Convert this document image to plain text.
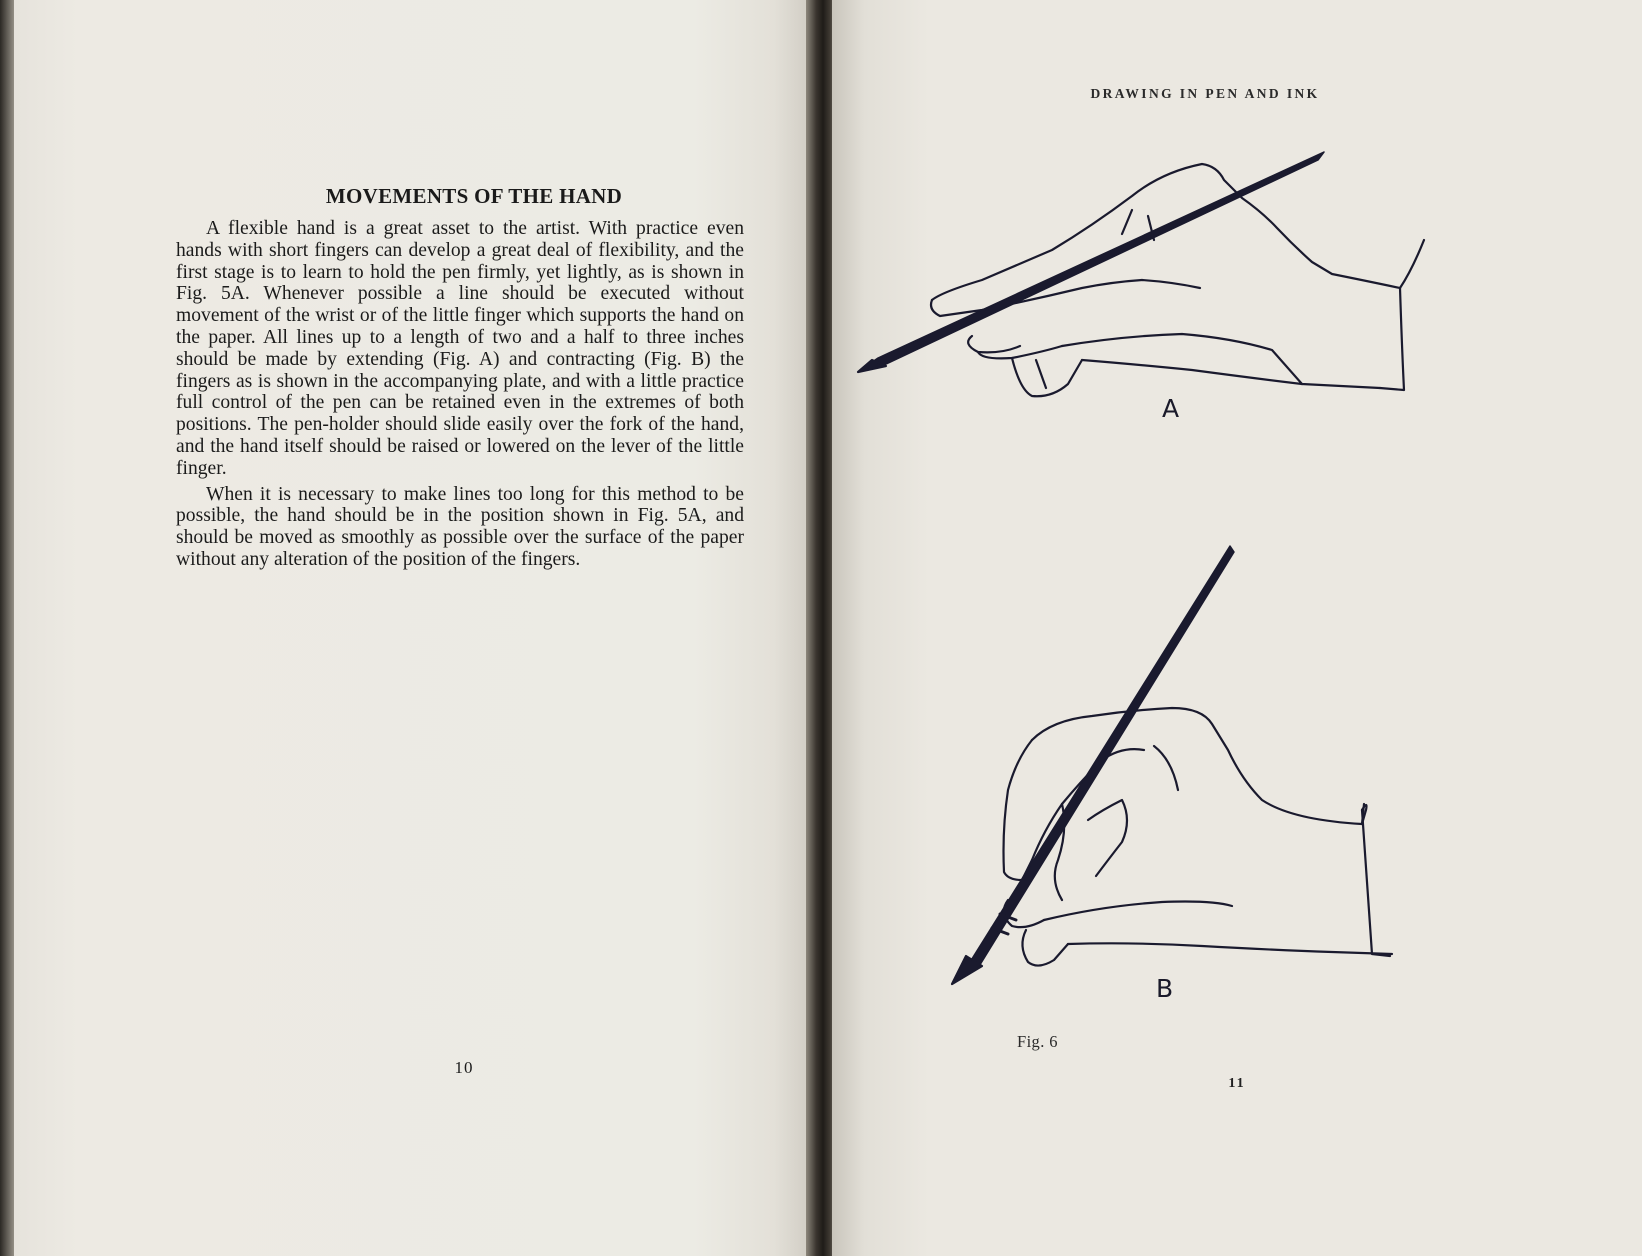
MOVEMENTS OF THE HAND

A flexible hand is a great asset to the artist. With practice even hands with short fingers can develop a great deal of flexibility, and the first stage is to learn to hold the pen firmly, yet lightly, as is shown in Fig. 5A. Whenever possible a line should be executed without movement of the wrist or of the little finger which supports the hand on the paper. All lines up to a length of two and a half to three inches should be made by extending (Fig. A) and contracting (Fig. B) the fingers as is shown in the accompanying plate, and with a little practice full control of the pen can be retained even in the extremes of both positions. The pen-holder should slide easily over the fork of the hand, and the hand itself should be raised or lowered on the lever of the little finger.

When it is necessary to make lines too long for this method to be possible, the hand should be in the position shown in Fig. 5A, and should be moved as smoothly as possible over the surface of the paper without any alteration of the position of the fingers.

10
DRAWING IN PEN AND INK
A
B
Fig. 6
11
